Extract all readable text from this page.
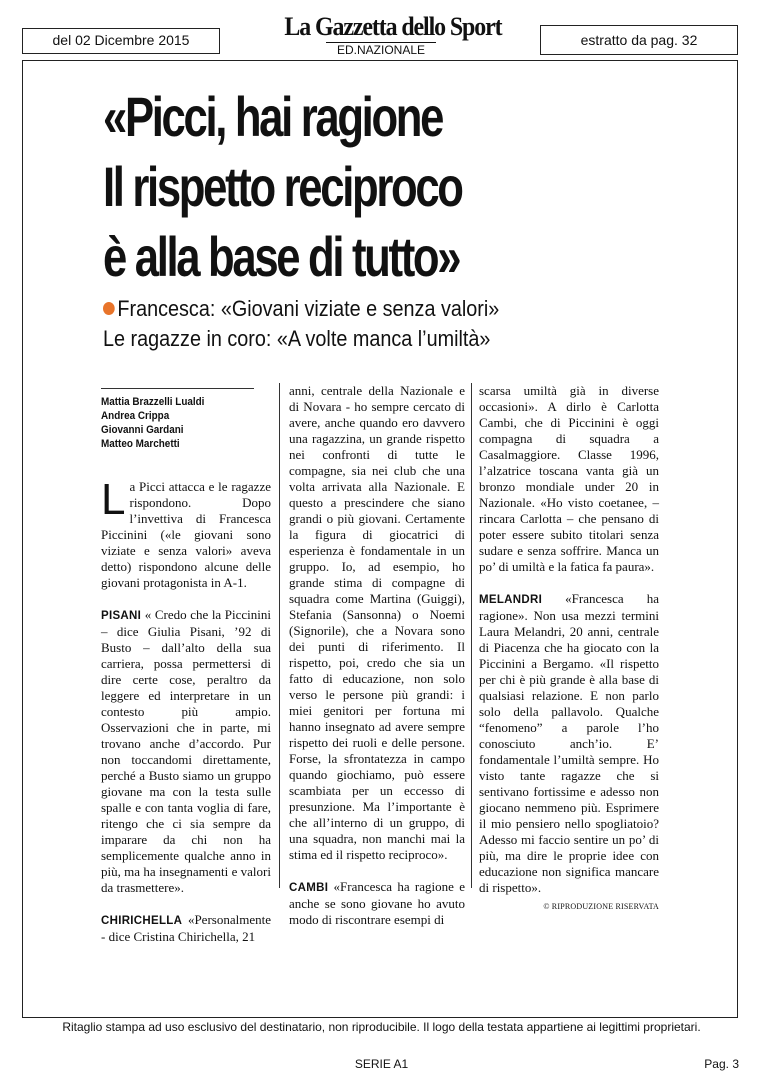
del 02 Dicembre 2015	La Gazzetta dello Sport
ED.NAZIONALE
estratto da pag. 32
«Picci, hai ragione
Il rispetto reciproco
è alla base di tutto»
Francesca: «Giovani viziate e senza valori»
Le ragazze in coro: «A volte manca l’umiltà»
Mattia Brazzelli Lualdi
Andrea Crippa
Giovanni Gardani
Matteo Marchetti

La Picci attacca e le ragazze rispondono. Dopo l’invettiva di Francesca Piccinini («le giovani sono viziate e senza valori» aveva detto) rispondono alcune delle giovani protagonista in A-1.

PISANI « Credo che la Piccinini – dice Giulia Pisani, ’92 di Busto – dall’alto della sua carriera, possa permettersi di dire certe cose, peraltro da leggere ed interpretare in un contesto più ampio. Osservazioni che in parte, mi trovano anche d’accordo. Pur non toccandomi direttamente, perché a Busto siamo un gruppo giovane ma con la testa sulle spalle e con tanta voglia di fare, ritengo che ci sia sempre da imparare da chi non ha semplicemente qualche anno in più, ma ha insegnamenti e valori da trasmettere».

CHIRICHELLA «Personalmente - dice Cristina Chirichella, 21

anni, centrale della Nazionale e di Novara - ho sempre cercato di avere, anche quando ero davvero una ragazzina, un grande rispetto nei confronti di tutte le compagne, sia nei club che una volta arrivata alla Nazionale. E questo a prescindere che siano grandi o più giovani. Certamente la figura di giocatrici di esperienza è fondamentale in un gruppo. Io, ad esempio, ho grande stima di compagne di squadra come Martina (Guiggi), Stefania (Sansonna) o Noemi (Signorile), che a Novara sono dei punti di riferimento. Il rispetto, poi, credo che sia un fatto di educazione, non solo verso le persone più grandi: i miei genitori per fortuna mi hanno insegnato ad avere sempre rispetto dei ruoli e delle persone. Forse, la sfrontatezza in campo quando giochiamo, può essere scambiata per un eccesso di presunzione. Ma l’importante è che all’interno di un gruppo, di una squadra, non manchi mai la stima ed il rispetto reciproco».

CAMBI «Francesca ha ragione e anche se sono giovane ho avuto modo di riscontrare esempi di

scarsa umiltà già in diverse occasioni». A dirlo è Carlotta Cambi, che di Piccinini è oggi compagna di squadra a Casalmaggiore. Classe 1996, l’alzatrice toscana vanta già un bronzo mondiale under 20 in Nazionale. «Ho visto coetanee, – rincara Carlotta – che pensano di poter essere subito titolari senza sudare e senza soffrire. Manca un po’ di umiltà e la fatica fa paura».

MELANDRI «Francesca ha ragione». Non usa mezzi termini Laura Melandri, 20 anni, centrale di Piacenza che ha giocato con la Piccinini a Bergamo. «Il rispetto per chi è più grande è alla base di qualsiasi relazione. E non parlo solo della pallavolo. Qualche “fenomeno” a parole l’ho conosciuto anch’io. E’ fondamentale l’umiltà sempre. Ho visto tante ragazze che si sentivano fortissime e adesso non giocano nemmeno più. Esprimere il mio pensiero nello spogliatoio? Adesso mi faccio sentire un po’ di più, ma dire le proprie idee con educazione non significa mancare di rispetto».

© RIPRODUZIONE RISERVATA
Ritaglio stampa ad uso esclusivo del destinatario, non riproducibile. Il logo della testata appartiene ai legittimi proprietari.
SERIE A1	Pag. 3
